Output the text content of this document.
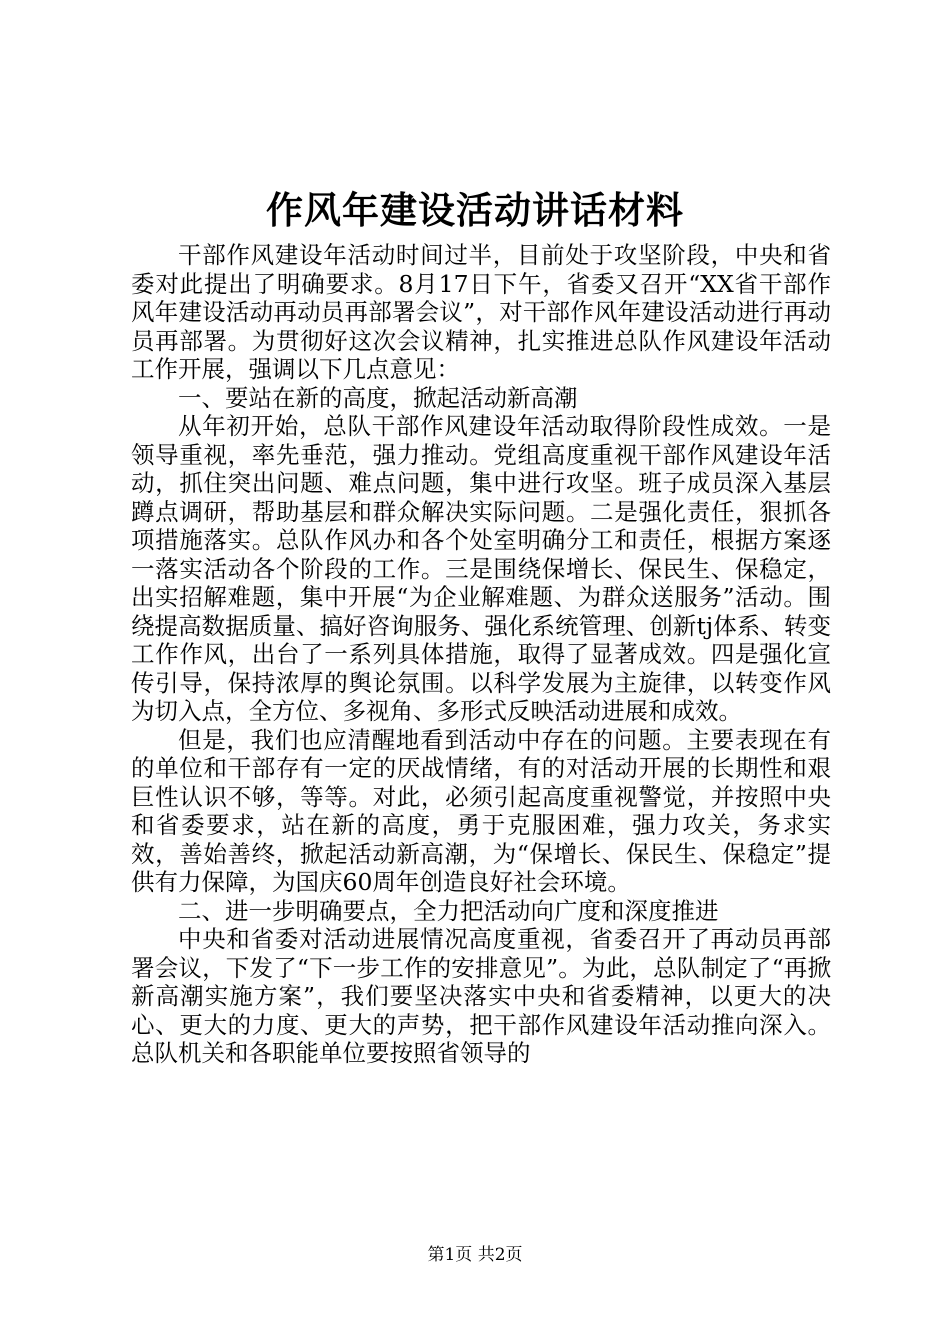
作风年建设活动讲话材料

干部作风建设年活动时间过半，目前处于攻坚阶段，中央和省委对此提出了明确要求。8月17日下午，省委又召开“XX省干部作风年建设活动再动员再部署会议”，对干部作风年建设活动进行再动员再部署。为贯彻好这次会议精神，扎实推进总队作风建设年活动工作开展，强调以下几点意见：

一、要站在新的高度，掀起活动新高潮

从年初开始，总队干部作风建设年活动取得阶段性成效。一是领导重视，率先垂范，强力推动。党组高度重视干部作风建设年活动，抓住突出问题、难点问题，集中进行攻坚。班子成员深入基层蹲点调研，帮助基层和群众解决实际问题。二是强化责任，狠抓各项措施落实。总队作风办和各个处室明确分工和责任，根据方案逐一落实活动各个阶段的工作。三是围绕保增长、保民生、保稳定，出实招解难题，集中开展“为企业解难题、为群众送服务”活动。围绕提高数据质量、搞好咨询服务、强化系统管理、创新tj体系、转变工作作风，出台了一系列具体措施，取得了显著成效。四是强化宣传引导，保持浓厚的舆论氛围。以科学发展为主旋律，以转变作风为切入点，全方位、多视角、多形式反映活动进展和成效。

但是，我们也应清醒地看到活动中存在的问题。主要表现在有的单位和干部存有一定的厌战情绪，有的对活动开展的长期性和艰巨性认识不够，等等。对此，必须引起高度重视警觉，并按照中央和省委要求，站在新的高度，勇于克服困难，强力攻关，务求实效，善始善终，掀起活动新高潮，为“保增长、保民生、保稳定”提供有力保障，为国庆60周年创造良好社会环境。

二、进一步明确要点，全力把活动向广度和深度推进

中央和省委对活动进展情况高度重视，省委召开了再动员再部署会议，下发了“下一步工作的安排意见”。为此，总队制定了“再掀新高潮实施方案”，我们要坚决落实中央和省委精神，以更大的决心、更大的力度、更大的声势，把干部作风建设年活动推向深入。总队机关和各职能单位要按照省领导的

第1页 共2页
